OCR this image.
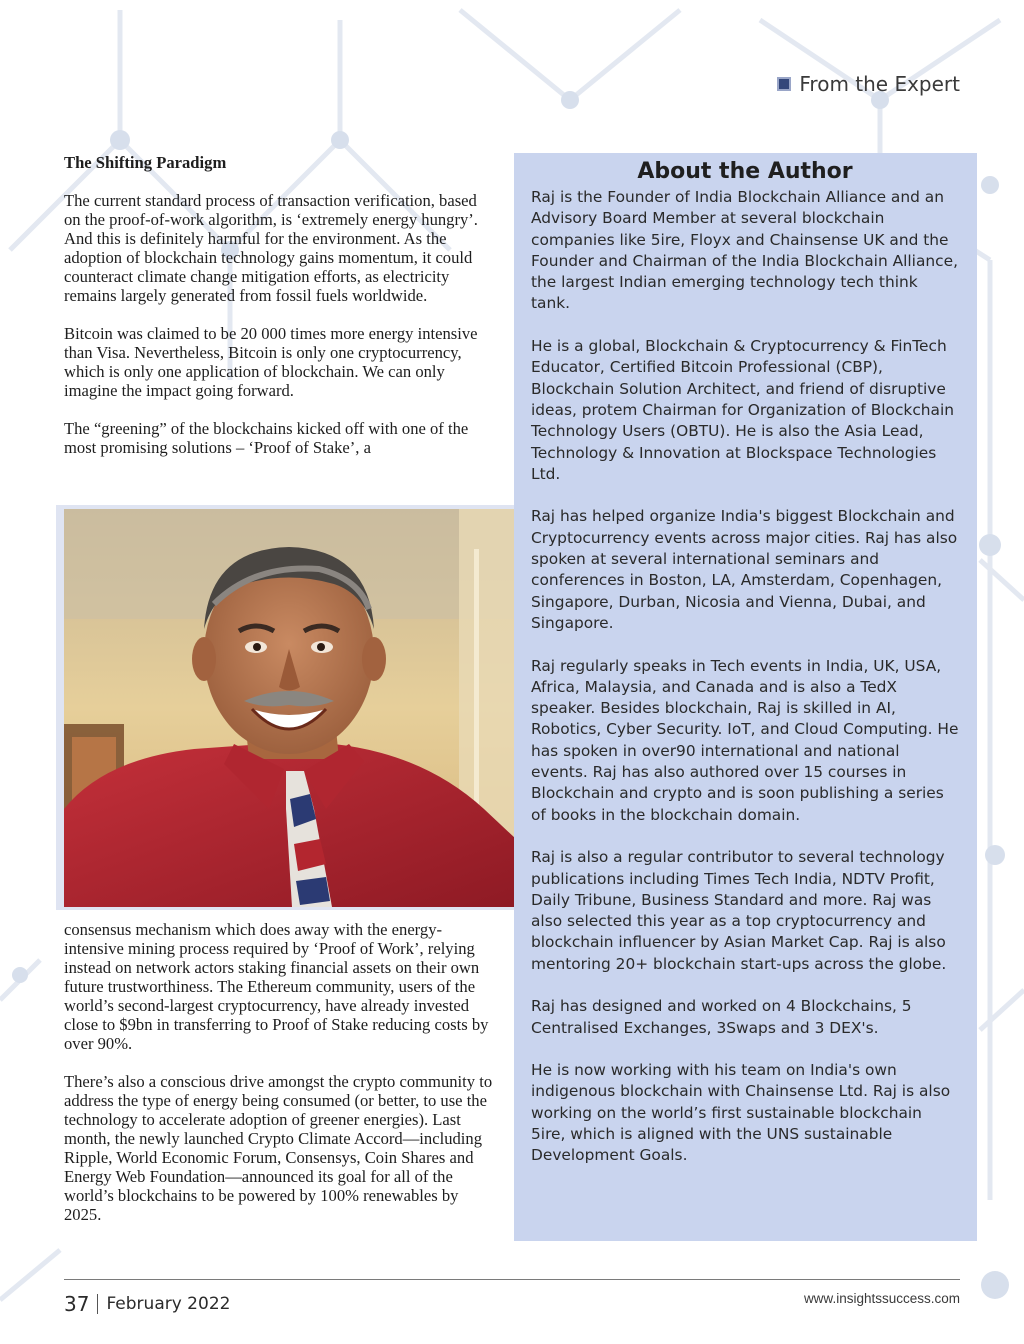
From the Expert
The Shifting Paradigm

The current standard process of transaction verification, based on the proof-of-work algorithm, is ‘extremely energy hungry’. And this is definitely harmful for the environment. As the adoption of blockchain technology gains momentum, it could counteract climate change mitigation efforts, as electricity remains largely generated from fossil fuels worldwide.

Bitcoin was claimed to be 20 000 times more energy intensive than Visa. Nevertheless, Bitcoin is only one cryptocurrency, which is only one application of blockchain. We can only imagine the impact going forward.

The “greening” of the blockchains kicked off with one of the most promising solutions – ‘Proof of Stake’, a

consensus mechanism which does away with the energy-intensive mining process required by ‘Proof of Work’, relying instead on network actors staking financial assets on their own future trustworthiness. The Ethereum community, users of the world’s second-largest cryptocurrency, have already invested close to $9bn in transferring to Proof of Stake reducing costs by over 90%.

There’s also a conscious drive amongst the crypto community to address the type of energy being consumed (or better, to use the technology to accelerate adoption of greener energies). Last month, the newly launched Crypto Climate Accord—including Ripple, World Economic Forum, Consensys, Coin Shares and Energy Web Foundation—announced its goal for all of the world’s blockchains to be powered by 100% renewables by 2025.

About the Author

Raj is the Founder of India Blockchain Alliance and an Advisory Board Member at several blockchain companies like 5ire, Floyx and Chainsense UK and the Founder and Chairman of the India Blockchain Alliance, the largest Indian emerging technology tech think tank.

He is a global, Blockchain & Cryptocurrency & FinTech Educator, Certified Bitcoin Professional (CBP), Blockchain Solution Architect, and friend of disruptive ideas, protem Chairman for Organization of Blockchain Technology Users (OBTU). He is also the Asia Lead, Technology & Innovation at Blockspace Technologies Ltd.

Raj has helped organize India's biggest Blockchain and Cryptocurrency events across major cities. Raj has also spoken at several international seminars and conferences in Boston, LA, Amsterdam, Copenhagen, Singapore, Durban, Nicosia and Vienna, Dubai, and Singapore.

Raj regularly speaks in Tech events in India, UK, USA, Africa, Malaysia, and Canada and is also a TedX speaker. Besides blockchain, Raj is skilled in AI, Robotics, Cyber Security. IoT, and Cloud Computing. He has spoken in over90 international and national events. Raj has also authored over 15 courses in Blockchain and crypto and is soon publishing a series of books in the blockchain domain.

Raj is also a regular contributor to several technology publications including Times Tech India, NDTV Profit, Daily Tribune, Business Standard and more. Raj was also selected this year as a top cryptocurrency and blockchain influencer by Asian Market Cap. Raj is also mentoring 20+ blockchain start-ups across the globe.

Raj has designed and worked on 4 Blockchains, 5 Centralised Exchanges, 3Swaps and 3 DEX's.

He is now working with his team on India's own indigenous blockchain with Chainsense Ltd. Raj is also working on the world’s first sustainable blockchain 5ire, which is aligned with the UNS sustainable Development Goals.

37 February 2022	www.insightssuccess.com
